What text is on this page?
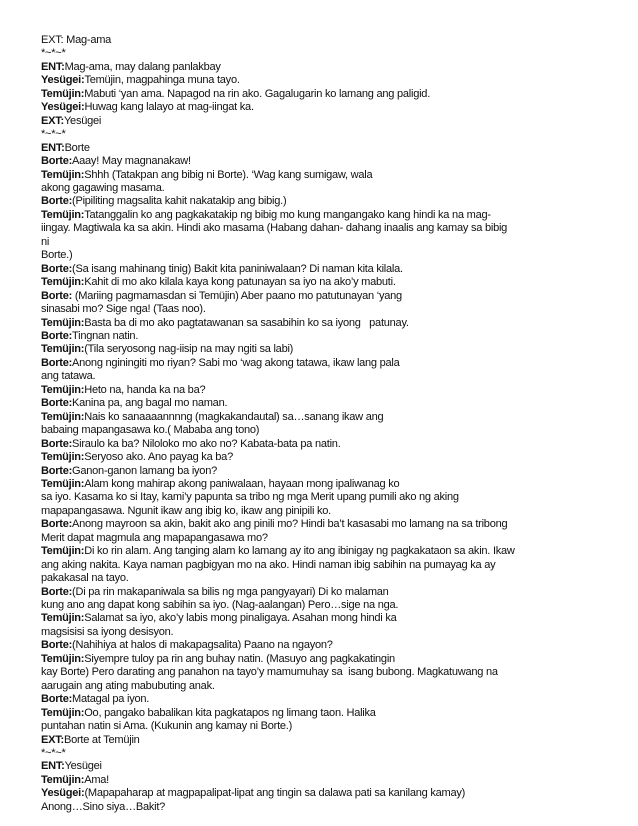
EXT: Mag-ama
*~*~*
ENT:Mag-ama, may dalang panlakbay
Yesügei:Temüjin, magpahinga muna tayo.
Temüjin:Mabuti ‘yan ama. Napagod na rin ako. Gagalugarin ko lamang ang paligid.
Yesügei:Huwag kang lalayo at mag-iingat ka.
EXT:Yesügei
*~*~*
ENT:Borte
Borte:Aaay! May magnanakaw!
Temüjin:Shhh (Tatakpan ang bibig ni Borte). ‘Wag kang sumigaw, wala
akong gagawing masama.
Borte:(Pipiliting magsalita kahit nakatakip ang bibig.)
Temüjin:Tatanggalin ko ang pagkakatakip ng bibig mo kung mangangako kang hindi ka na mag-
iingay. Magtiwala ka sa akin. Hindi ako masama (Habang dahan- dahang inaalis ang kamay sa bibig
ni
Borte.)
Borte:(Sa isang mahinang tinig) Bakit kita paniniwalaan? Di naman kita kilala.
Temüjin:Kahit di mo ako kilala kaya kong patunayan sa iyo na ako’y mabuti.
Borte: (Mariing pagmamasdan si Temüjin) Aber paano mo patutunayan ‘yang
sinasabi mo? Sige nga! (Taas noo).
Temüjin:Basta ba di mo ako pagtatawanan sa sasabihin ko sa iyong   patunay.
Borte:Tingnan natin.
Temüjin:(Tila seryosong nag-iisip na may ngiti sa labi)
Borte:Anong nginingiti mo riyan? Sabi mo ‘wag akong tatawa, ikaw lang pala
ang tatawa.
Temüjin:Heto na, handa ka na ba?
Borte:Kanina pa, ang bagal mo naman.
Temüjin:Nais ko sanaaaannnng (magkakandautal) sa…sanang ikaw ang
babaing mapangasawa ko.( Mababa ang tono)
Borte:Siraulo ka ba? Niloloko mo ako no? Kabata-bata pa natin.
Temüjin:Seryoso ako. Ano payag ka ba?
Borte:Ganon-ganon lamang ba iyon?
Temüjin:Alam kong mahirap akong paniwalaan, hayaan mong ipaliwanag ko
sa iyo. Kasama ko si Itay, kami’y papunta sa tribo ng mga Merit upang pumili ako ng aking
mapapangasawa. Ngunit ikaw ang ibig ko, ikaw ang pinipili ko.
Borte:Anong mayroon sa akin, bakit ako ang pinili mo? Hindi ba’t kasasabi mo lamang na sa tribong
Merit dapat magmula ang mapapangasawa mo?
Temüjin:Di ko rin alam. Ang tanging alam ko lamang ay ito ang ibinigay ng pagkakataon sa akin. Ikaw
ang aking nakita. Kaya naman pagbigyan mo na ako. Hindi naman ibig sabihin na pumayag ka ay
pakakasal na tayo.
Borte:(Di pa rin makapaniwala sa bilis ng mga pangyayari) Di ko malaman
kung ano ang dapat kong sabihin sa iyo. (Nag-aalangan) Pero…sige na nga.
Temüjin:Salamat sa iyo, ako’y labis mong pinaligaya. Asahan mong hindi ka
magsisisi sa iyong desisyon.
Borte:(Nahihiya at halos di makapagsalita) Paano na ngayon?
Temüjin:Siyempre tuloy pa rin ang buhay natin. (Masuyo ang pagkakatingin
kay Borte) Pero darating ang panahon na tayo’y mamumuhay sa  isang bubong. Magkatuwang na
aarugain ang ating mabubuting anak.
Borte:Matagal pa iyon.
Temüjin:Oo, pangako babalikan kita pagkatapos ng limang taon. Halika
puntahan natin si Ama. (Kukunin ang kamay ni Borte.)
EXT:Borte at Temüjin
*~*~*
ENT:Yesügei
Temüjin:Ama!
Yesügei:(Mapapaharap at magpapalipat-lipat ang tingin sa dalawa pati sa kanilang kamay)
Anong…Sino siya…Bakit?
